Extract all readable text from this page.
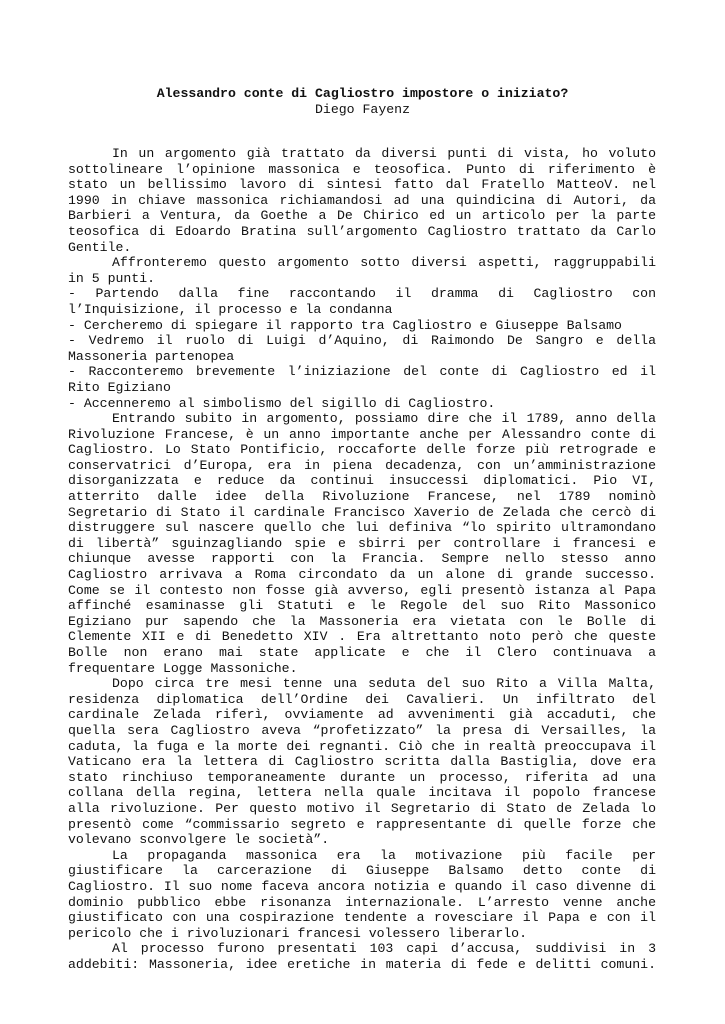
Alessandro conte di Cagliostro impostore o iniziato?
Diego Fayenz
In un argomento già trattato da diversi punti di vista, ho voluto
sottolineare l’opinione massonica e teosofica. Punto di riferimento è
stato un bellissimo lavoro di sintesi fatto dal Fratello MatteoV. nel
1990 in chiave massonica richiamandosi ad una quindicina di Autori, da
Barbieri a Ventura, da Goethe a De Chirico ed un articolo per la parte
teosofica di Edoardo Bratina sull’argomento Cagliostro trattato da Carlo
Gentile.
Affronteremo questo argomento sotto diversi aspetti, raggruppabili
in 5 punti.
- Partendo dalla fine raccontando il dramma di Cagliostro con
l’Inquisizione, il processo e la condanna
- Cercheremo di spiegare il rapporto tra Cagliostro e Giuseppe Balsamo
- Vedremo il ruolo di Luigi d’Aquino, di Raimondo De Sangro e della
Massoneria partenopea
- Racconteremo brevemente l’iniziazione del conte di Cagliostro ed il
Rito Egiziano
- Accenneremo al simbolismo del sigillo di Cagliostro.
Entrando subito in argomento, possiamo dire che il 1789, anno della
Rivoluzione Francese, è un anno importante anche per Alessandro conte di
Cagliostro. Lo Stato Pontificio, roccaforte delle forze più retrograde e
conservatrici d’Europa, era in piena decadenza, con un’amministrazione
disorganizzata e reduce da continui insuccessi diplomatici. Pio VI,
atterrito dalle idee della Rivoluzione Francese, nel 1789 nominò
Segretario di Stato il cardinale Francisco Xaverio de Zelada che cercò di
distruggere sul nascere quello che lui definiva “lo spirito ultramondano
di libertà” sguinzagliando spie e sbirri per controllare i francesi e
chiunque avesse rapporti con la Francia. Sempre nello stesso anno
Cagliostro arrivava a Roma circondato da un alone di grande successo.
Come se il contesto non fosse già avverso, egli presentò istanza al Papa
affinché esaminasse gli Statuti e le Regole del suo Rito Massonico
Egiziano pur sapendo che la Massoneria era vietata con le Bolle di
Clemente XII e di Benedetto XIV . Era altrettanto noto però che queste
Bolle non erano mai state applicate e che il Clero continuava a
frequentare Logge Massoniche.
Dopo circa tre mesi tenne una seduta del suo Rito a Villa Malta,
residenza diplomatica dell’Ordine dei Cavalieri. Un infiltrato del
cardinale Zelada riferì, ovviamente ad avvenimenti già accaduti, che
quella sera Cagliostro aveva “profetizzato” la presa di Versailles, la
caduta, la fuga e la morte dei regnanti. Ciò che in realtà preoccupava il
Vaticano era la lettera di Cagliostro scritta dalla Bastiglia, dove era
stato rinchiuso temporaneamente durante un processo, riferita ad una
collana della regina, lettera nella quale incitava il popolo francese
alla rivoluzione. Per questo motivo il Segretario di Stato de Zelada lo
presentò come “commissario segreto e rappresentante di quelle forze che
volevano sconvolgere le società”.
La propaganda massonica era la motivazione più facile per
giustificare la carcerazione di Giuseppe Balsamo detto conte di
Cagliostro. Il suo nome faceva ancora notizia e quando il caso divenne di
dominio pubblico ebbe risonanza internazionale. L’arresto venne anche
giustificato con una cospirazione tendente a rovesciare il Papa e con il
pericolo che i rivoluzionari francesi volessero liberarlo.
Al processo furono presentati 103 capi d’accusa, suddivisi in 3
addebiti: Massoneria, idee eretiche in materia di fede e delitti comuni.
